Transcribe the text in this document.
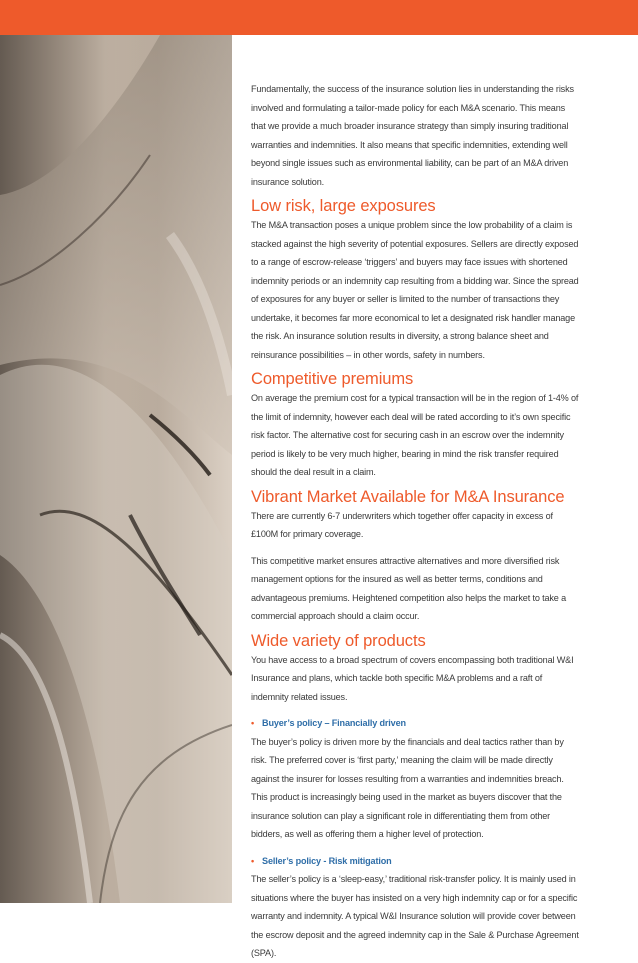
Fundamentally, the success of the insurance solution lies in understanding the risks involved and formulating a tailor-made policy for each M&A scenario. This means that we provide a much broader insurance strategy than simply insuring traditional warranties and indemnities. It also means that specific indemnities, extending well beyond single issues such as environmental liability, can be part of an M&A driven insurance solution.

Low risk, large exposures

The M&A transaction poses a unique problem since the low probability of a claim is stacked against the high severity of potential exposures. Sellers are directly exposed to a range of escrow-release ‘triggers’ and buyers may face issues with shortened indemnity periods or an indemnity cap resulting from a bidding war. Since the spread of exposures for any buyer or seller is limited to the number of transactions they undertake, it becomes far more economical to let a designated risk handler manage the risk. An insurance solution results in diversity, a strong balance sheet and reinsurance possibilities – in other words, safety in numbers.

Competitive premiums

On average the premium cost for a typical transaction will be in the region of 1-4% of the limit of indemnity, however each deal will be rated according to it’s own specific risk factor. The alternative cost for securing cash in an escrow over the indemnity period is likely to be very much higher, bearing in mind the risk transfer required should the deal result in a claim.

Vibrant Market Available for M&A Insurance

There are currently 6-7 underwriters which together offer capacity in excess of £100M for primary coverage.

This competitive market ensures attractive alternatives and more diversified risk management options for the insured as well as better terms, conditions and advantageous premiums. Heightened competition also helps the market to take a commercial approach should a claim occur.

Wide variety of products

You have access to a broad spectrum of covers encompassing both traditional W&I Insurance and plans, which tackle both specific M&A problems and a raft of indemnity related issues.

• Buyer’s policy – Financially driven

The buyer’s policy is driven more by the financials and deal tactics rather than by risk. The preferred cover is ‘first party,’ meaning the claim will be made directly against the insurer for losses resulting from a warranties and indemnities breach. This product is increasingly being used in the market as buyers discover that the insurance solution can play a significant role in differentiating them from other bidders, as well as offering them a higher level of protection.

• Seller’s policy - Risk mitigation

The seller’s policy is a ‘sleep-easy,’ traditional risk-transfer policy. It is mainly used in situations where the buyer has insisted on a very high indemnity cap or for a specific warranty and indemnity. A typical W&I Insurance solution will provide cover between the escrow deposit and the agreed indemnity cap in the Sale & Purchase Agreement (SPA).
